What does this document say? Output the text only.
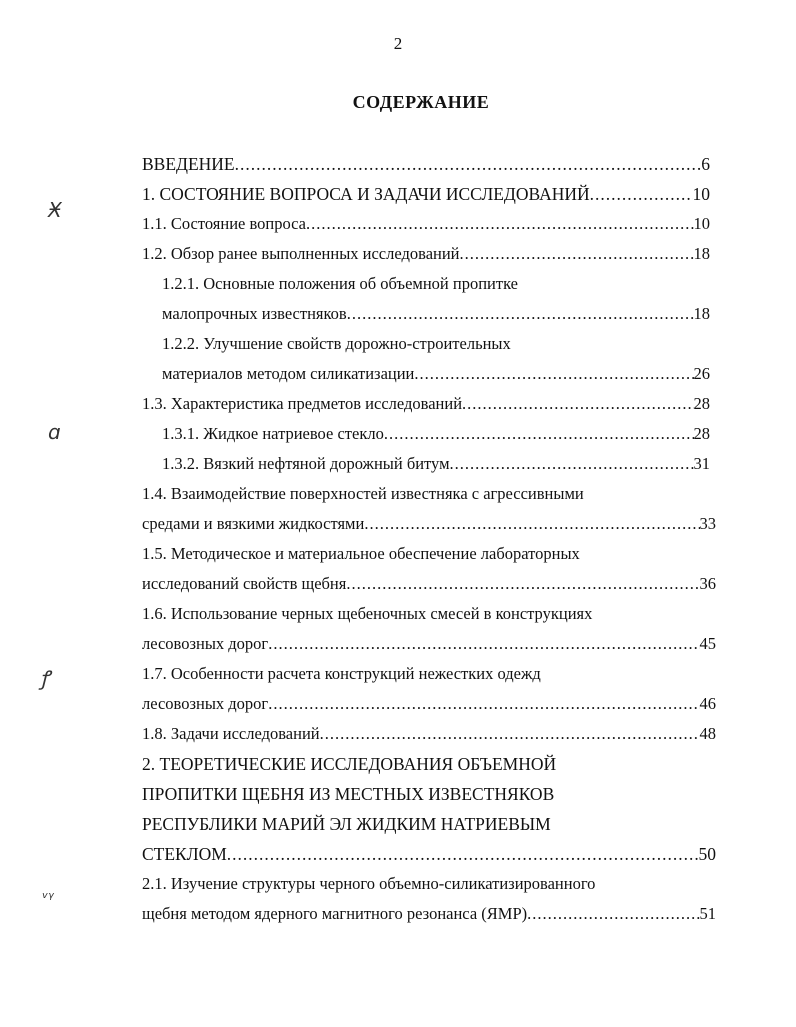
2
СОДЕРЖАНИЕ
Ӿ
ɑ
ꝭ
ᵥᵧ
ВВЕДЕНИЕ .....	6
1. СОСТОЯНИЕ ВОПРОСА И ЗАДАЧИ ИССЛЕДОВАНИЙ .....	10
1.1. Состояние вопроса .....	10
1.2. Обзор ранее выполненных исследований .....	18
1.2.1. Основные положения об объемной пропитке
малопрочных известняков .....	18
1.2.2. Улучшение свойств дорожно-строительных
материалов методом силикатизации .....	26
1.3. Характеристика предметов исследований .....	28
1.3.1. Жидкое натриевое стекло .....	28
1.3.2. Вязкий нефтяной дорожный битум .....	31
1.4. Взаимодействие поверхностей известняка с агрессивными
средами и вязкими жидкостями .....	33
1.5. Методическое и материальное обеспечение лабораторных
исследований свойств щебня .....	36
1.6. Использование черных щебеночных смесей в конструкциях
лесовозных дорог .....	45
1.7. Особенности расчета конструкций нежестких одежд
лесовозных дорог .....	46
1.8. Задачи исследований .....	48
2. ТЕОРЕТИЧЕСКИЕ ИССЛЕДОВАНИЯ ОБЪЕМНОЙ
ПРОПИТКИ ЩЕБНЯ ИЗ МЕСТНЫХ ИЗВЕСТНЯКОВ
РЕСПУБЛИКИ МАРИЙ ЭЛ ЖИДКИМ НАТРИЕВЫМ
СТЕКЛОМ .....	50
2.1. Изучение структуры черного объемно-силикатизированного
щебня методом ядерного магнитного резонанса (ЯМР) .....	51
